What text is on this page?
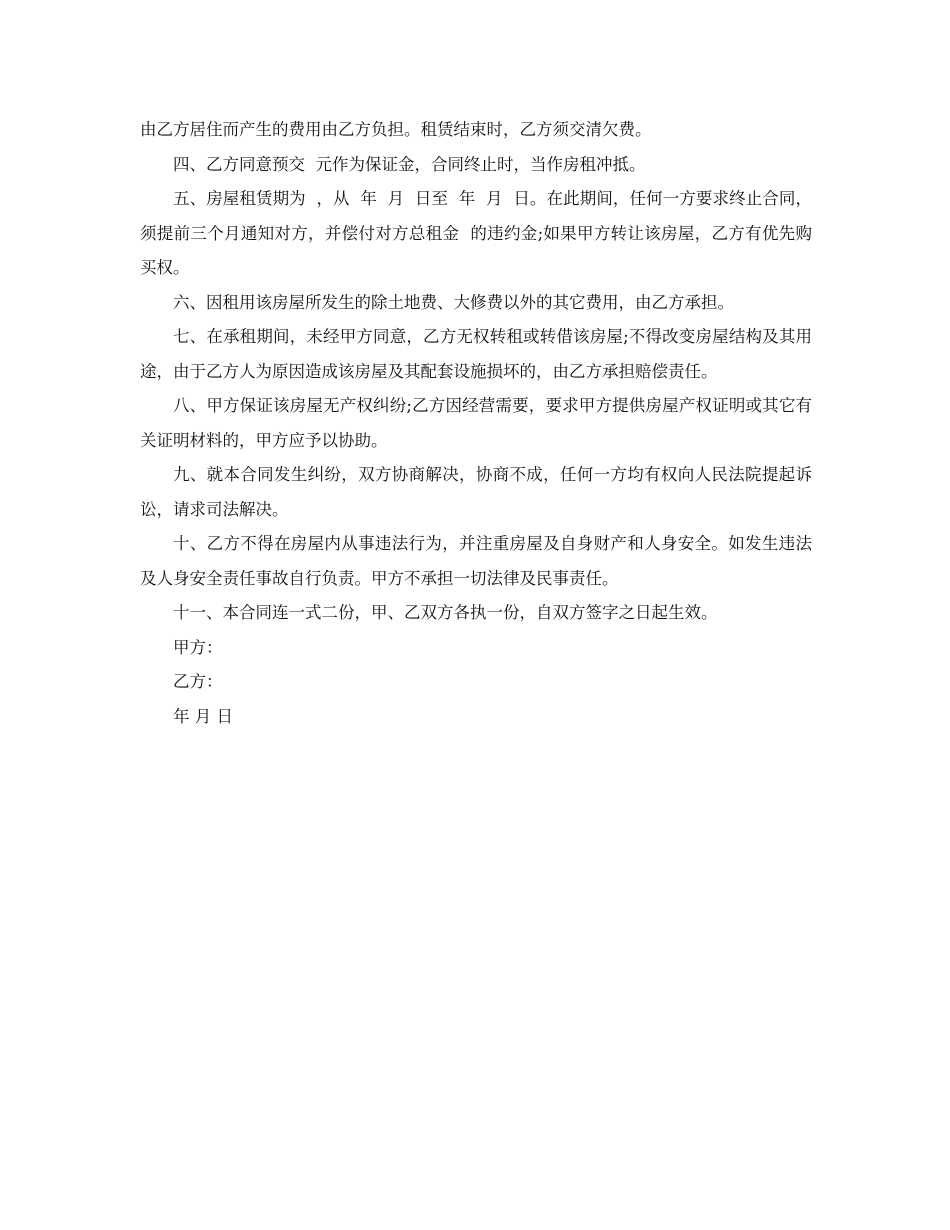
由乙方居住而产生的费用由乙方负担。租赁结束时，乙方须交清欠费。

四、乙方同意预交  元作为保证金，合同终止时，当作房租冲抵。

五、房屋租赁期为  ，从  年  月  日至  年  月  日。在此期间，任何一方要求终止合同，须提前三个月通知对方，并偿付对方总租金  的违约金;如果甲方转让该房屋，乙方有优先购买权。

六、因租用该房屋所发生的除土地费、大修费以外的其它费用，由乙方承担。

七、在承租期间，未经甲方同意，乙方无权转租或转借该房屋;不得改变房屋结构及其用途，由于乙方人为原因造成该房屋及其配套设施损坏的，由乙方承担赔偿责任。

八、甲方保证该房屋无产权纠纷;乙方因经营需要，要求甲方提供房屋产权证明或其它有关证明材料的，甲方应予以协助。

九、就本合同发生纠纷，双方协商解决，协商不成，任何一方均有权向人民法院提起诉讼，请求司法解决。

十、乙方不得在房屋内从事违法行为，并注重房屋及自身财产和人身安全。如发生违法及人身安全责任事故自行负责。甲方不承担一切法律及民事责任。

十一、本合同连一式二份，甲、乙双方各执一份，自双方签字之日起生效。

甲方：

乙方：

年 月 日
